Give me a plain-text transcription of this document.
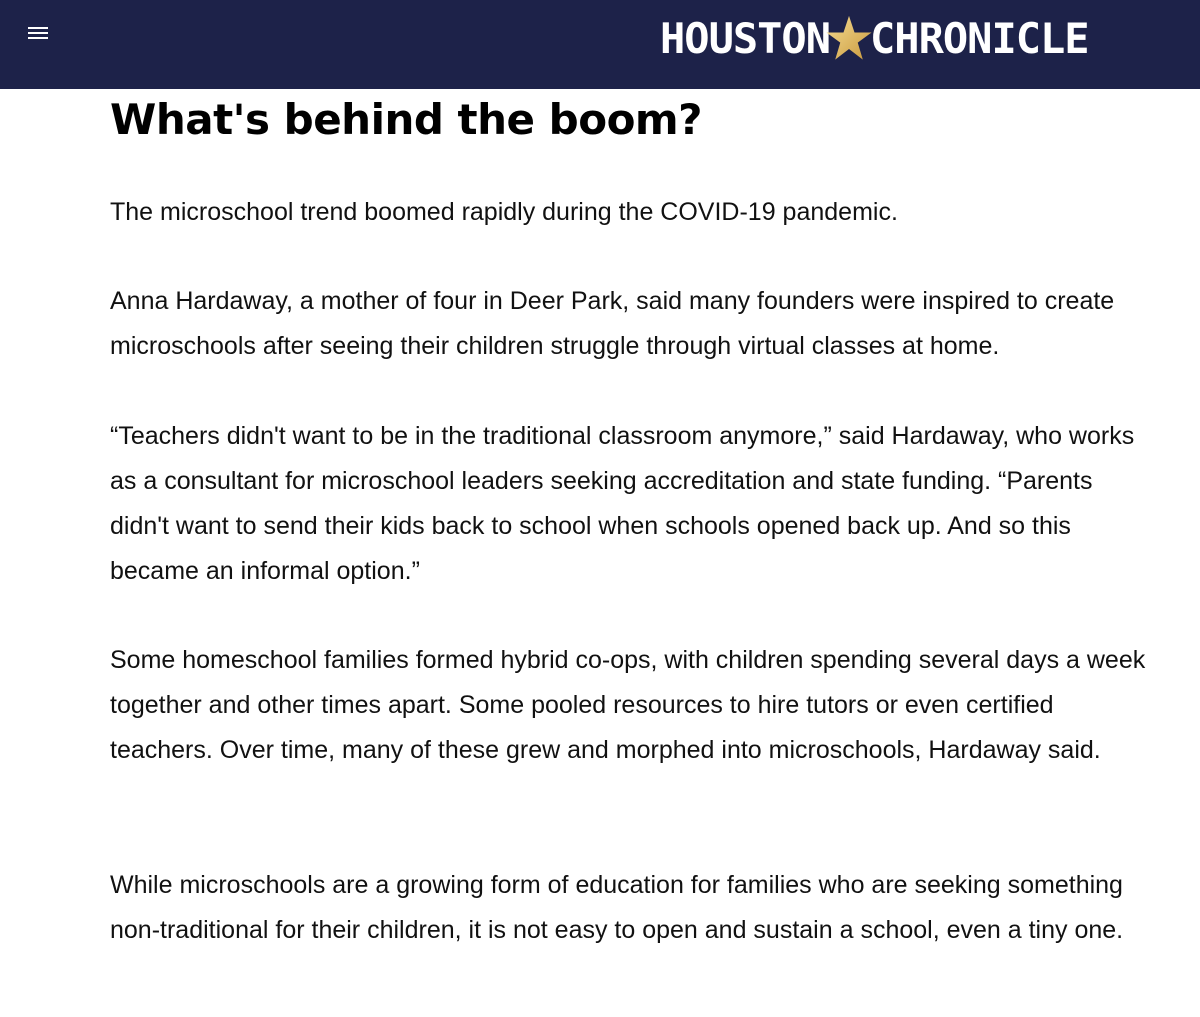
HOUSTON CHRONICLE
What's behind the boom?

The microschool trend boomed rapidly during the COVID-19 pandemic.

Anna Hardaway, a mother of four in Deer Park, said many founders were inspired to create microschools after seeing their children struggle through virtual classes at home.

“Teachers didn't want to be in the traditional classroom anymore,” said Hardaway, who works as a consultant for microschool leaders seeking accreditation and state funding. “Parents didn't want to send their kids back to school when schools opened back up. And so this became an informal option.”

Some homeschool families formed hybrid co-ops, with children spending several days a week together and other times apart. Some pooled resources to hire tutors or even certified teachers. Over time, many of these grew and morphed into microschools, Hardaway said.

While microschools are a growing form of education for families who are seeking something non-traditional for their children, it is not easy to open and sustain a school, even a tiny one.
